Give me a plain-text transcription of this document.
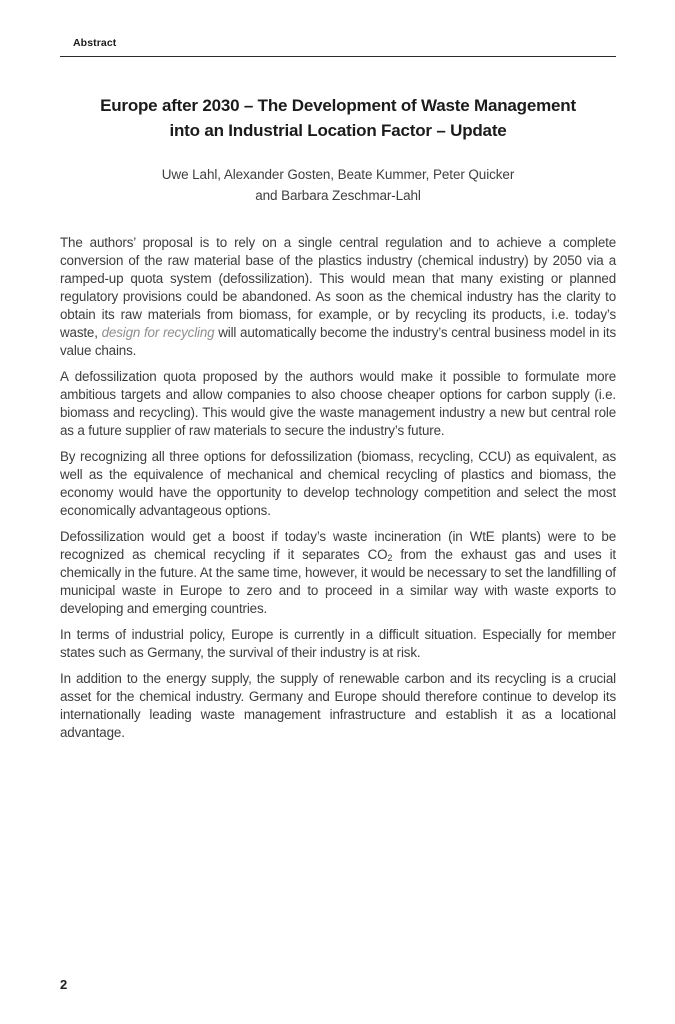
Abstract
Europe after 2030 – The Development of Waste Management
into an Industrial Location Factor – Update
Uwe Lahl, Alexander Gosten, Beate Kummer, Peter Quicker
and Barbara Zeschmar-Lahl

The authors’ proposal is to rely on a single central regulation and to achieve a complete conversion of the raw material base of the plastics industry (chemical industry) by 2050 via a ramped-up quota system (defossilization). This would mean that many existing or planned regulatory provisions could be abandoned. As soon as the chemical industry has the clarity to obtain its raw materials from biomass, for example, or by recycling its products, i.e. today’s waste, design for recycling will automatically become the industry’s central business model in its value chains.

A defossilization quota proposed by the authors would make it possible to formulate more ambitious targets and allow companies to also choose cheaper options for carbon supply (i.e. biomass and recycling). This would give the waste management industry a new but central role as a future supplier of raw materials to secure the industry’s future.

By recognizing all three options for defossilization (biomass, recycling, CCU) as equivalent, as well as the equivalence of mechanical and chemical recycling of plastics and biomass, the economy would have the opportunity to develop technology competition and select the most economically advantageous options.

Defossilization would get a boost if today’s waste incineration (in WtE plants) were to be recognized as chemical recycling if it separates $CO_2$ from the exhaust gas and uses it chemically in the future. At the same time, however, it would be necessary to set the landfilling of municipal waste in Europe to zero and to proceed in a similar way with waste exports to developing and emerging countries.

In terms of industrial policy, Europe is currently in a difficult situation. Especially for member states such as Germany, the survival of their industry is at risk.

In addition to the energy supply, the supply of renewable carbon and its recycling is a crucial asset for the chemical industry. Germany and Europe should therefore continue to develop its internationally leading waste management infrastructure and establish it as a locational advantage.

2
